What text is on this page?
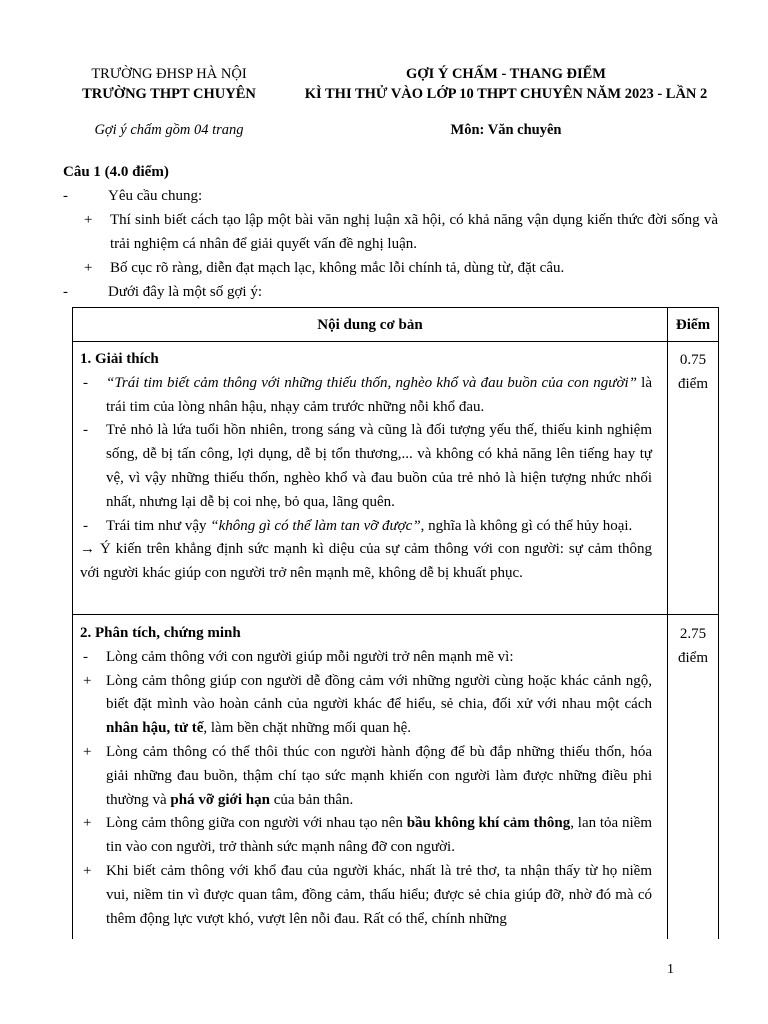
TRƯỜNG ĐHSP HÀ NỘI
TRƯỜNG THPT CHUYÊN
Gợi ý chấm gồm 04 trang
GỢI Ý CHẤM - THANG ĐIỂM
KÌ THI THỬ VÀO LỚP 10 THPT CHUYÊN NĂM 2023 - LẦN 2
Môn: Văn chuyên
Câu 1 (4.0 điểm)
-	Yêu cầu chung:
+ Thí sinh biết cách tạo lập một bài văn nghị luận xã hội, có khả năng vận dụng kiến thức đời sống và trải nghiệm cá nhân để giải quyết vấn đề nghị luận.
+ Bố cục rõ ràng, diễn đạt mạch lạc, không mắc lỗi chính tả, dùng từ, đặt câu.
-	Dưới đây là một số gợi ý:
Nội dung cơ bản	Điểm
1. Giải thích
- “Trái tim biết cảm thông với những thiếu thốn, nghèo khổ và đau buồn của con người” là trái tim của lòng nhân hậu, nhạy cảm trước những nỗi khổ đau.
- Trẻ nhỏ là lứa tuổi hồn nhiên, trong sáng và cũng là đối tượng yếu thế, thiếu kinh nghiệm sống, dễ bị tấn công, lợi dụng, dễ bị tổn thương,... và không có khả năng lên tiếng hay tự vệ, vì vậy những thiếu thốn, nghèo khổ và đau buồn của trẻ nhỏ là hiện tượng nhức nhối nhất, nhưng lại dễ bị coi nhẹ, bỏ qua, lãng quên.
- Trái tim như vậy “không gì có thể làm tan vỡ được”, nghĩa là không gì có thể hủy hoại.
→ Ý kiến trên khẳng định sức mạnh kì diệu của sự cảm thông với con người: sự cảm thông với người khác giúp con người trở nên mạnh mẽ, không dễ bị khuất phục.
0.75
điểm
2. Phân tích, chứng minh
- Lòng cảm thông với con người giúp mỗi người trở nên mạnh mẽ vì:
+ Lòng cảm thông giúp con người dễ đồng cảm với những người cùng hoặc khác cảnh ngộ, biết đặt mình vào hoàn cảnh của người khác để hiểu, sẻ chia, đối xử với nhau một cách nhân hậu, tử tế, làm bền chặt những mối quan hệ.
+ Lòng cảm thông có thể thôi thúc con người hành động để bù đắp những thiếu thốn, hóa giải những đau buồn, thậm chí tạo sức mạnh khiến con người làm được những điều phi thường và phá vỡ giới hạn của bản thân.
+ Lòng cảm thông giữa con người với nhau tạo nên bầu không khí cảm thông, lan tỏa niềm tin vào con người, trở thành sức mạnh nâng đỡ con người.
+ Khi biết cảm thông với khổ đau của người khác, nhất là trẻ thơ, ta nhận thấy từ họ niềm vui, niềm tin vì được quan tâm, đồng cảm, thấu hiểu; được sẻ chia giúp đỡ, nhờ đó mà có thêm động lực vượt khó, vượt lên nỗi đau. Rất có thể, chính những
2.75
điểm
1
